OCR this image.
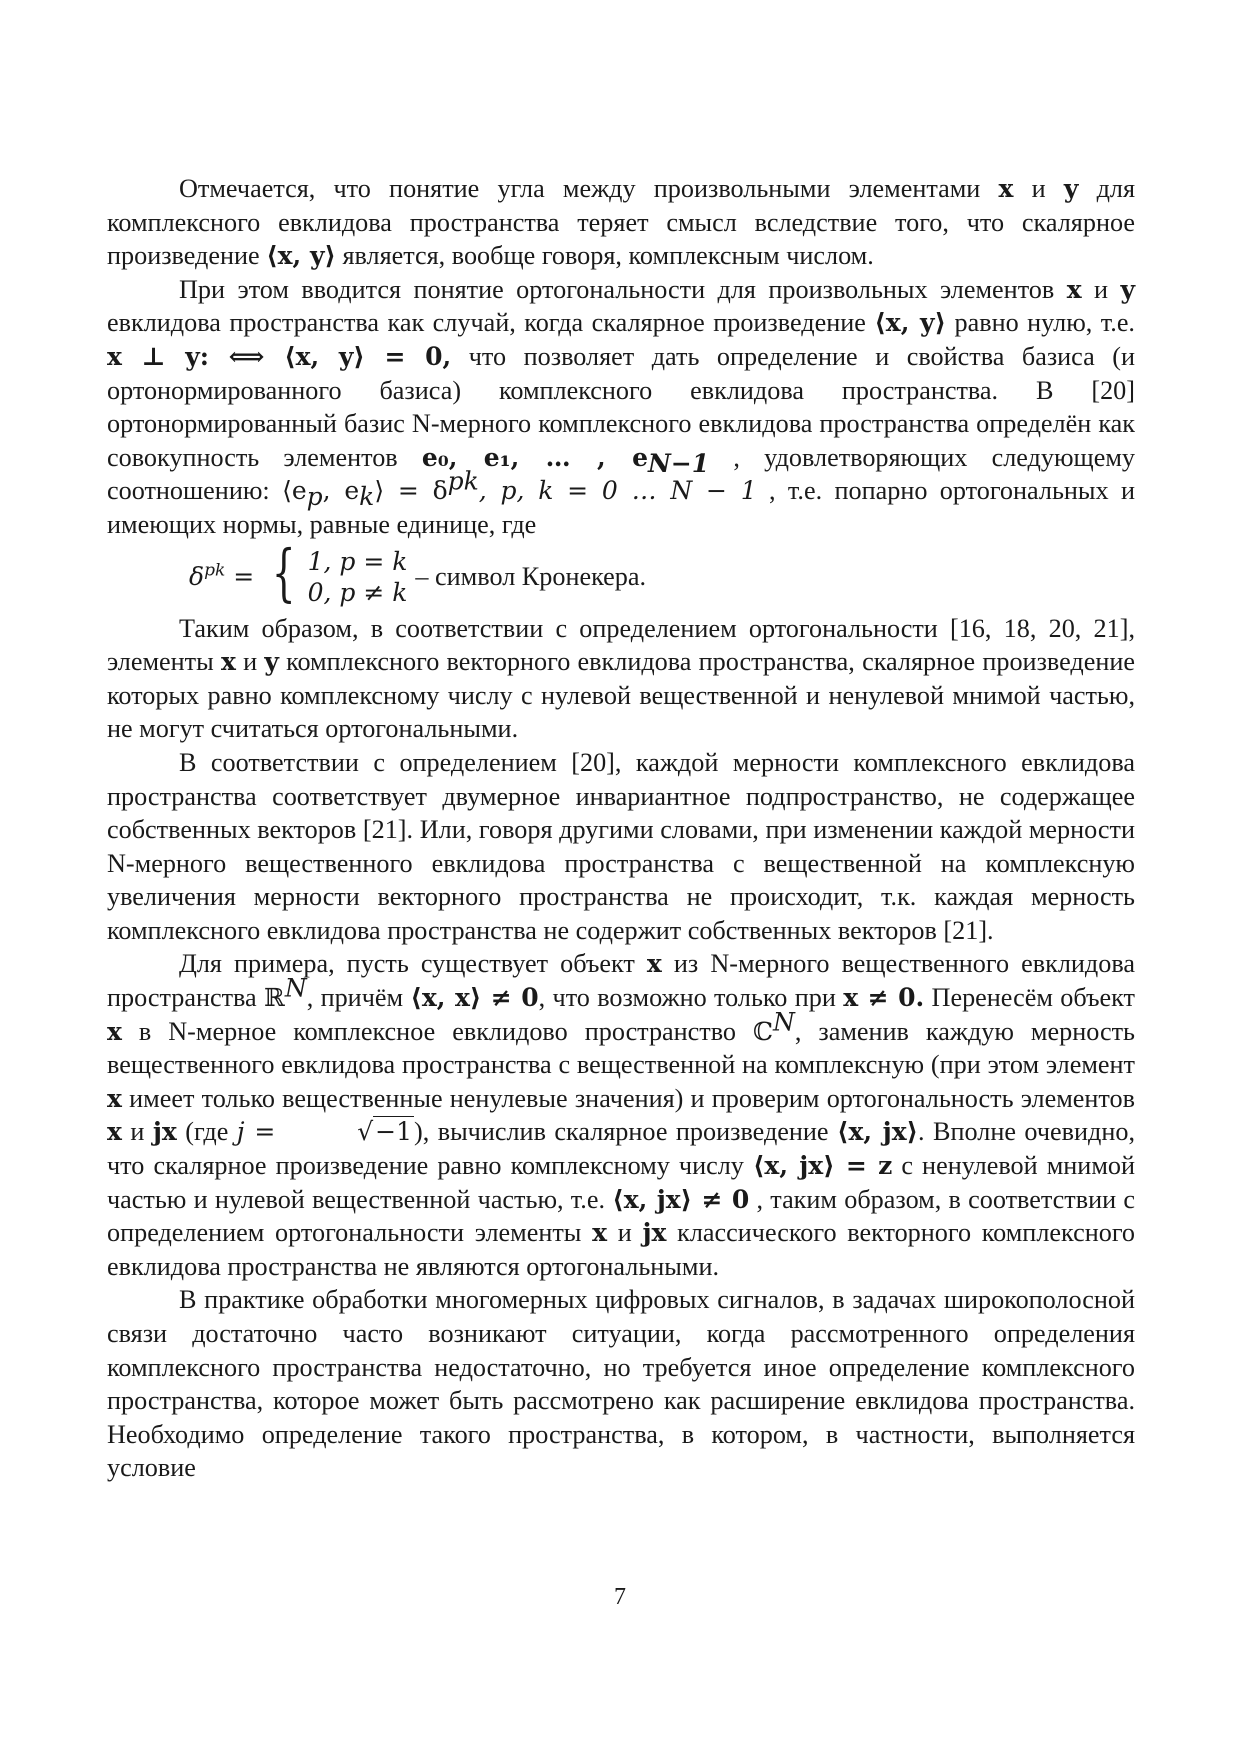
Отмечается, что понятие угла между произвольными элементами x и y для комплексного евклидова пространства теряет смысл вследствие того, что скалярное произведение ⟨x, y⟩ является, вообще говоря, комплексным числом.

При этом вводится понятие ортогональности для произвольных элементов x и y евклидова пространства как случай, когда скалярное произведение ⟨x, y⟩ равно нулю, т.е. x ⊥ y: ⟺ ⟨x, y⟩ = 0, что позволяет дать определение и свойства базиса (и ортонормированного базиса) комплексного евклидова пространства. В [20] ортонормированный базис N-мерного комплексного евклидова пространства определён как совокупность элементов e₀, e₁, … , $e_{N-1}$ , удовлетворяющих следующему соотношению: $⟨e_p$, $e_k⟩ = \delta^{pk}$, p, k = 0 … N − 1 , т.е. попарно ортогональных и имеющих нормы, равные единице, где

$\delta^{pk}$ = { 1, p = k
0, p ≠ k
– символ Кронекера.

Таким образом, в соответствии с определением ортогональности [16, 18, 20, 21], элементы x и y комплексного векторного евклидова пространства, скалярное произведение которых равно комплексному числу с нулевой вещественной и ненулевой мнимой частью, не могут считаться ортогональными.

В соответствии с определением [20], каждой мерности комплексного евклидова пространства соответствует двумерное инвариантное подпространство, не содержащее собственных векторов [21]. Или, говоря другими словами, при изменении каждой мерности N-мерного вещественного евклидова пространства с вещественной на комплексную увеличения мерности векторного пространства не происходит, т.к. каждая мерность комплексного евклидова пространства не содержит собственных векторов [21].

Для примера, пусть существует объект x из N-мерного вещественного евклидова пространства ℝ$^N$, причём ⟨x, x⟩ ≠ 0, что возможно только при x ≠ 0. Перенесём объект x в N-мерное комплексное евклидово пространство ℂ$^N$, заменив каждую мерность вещественного евклидова пространства с вещественной на комплексную (при этом элемент x имеет только вещественные ненулевые значения) и проверим ортогональность элементов x и jx (где j =	√−1), вычислив скалярное произведение ⟨x, jx⟩. Вполне очевидно, что скалярное произведение равно комплексному числу ⟨x, jx⟩ = z с ненулевой мнимой частью и нулевой вещественной частью, т.е. ⟨x, jx⟩ ≠ 0 , таким образом, в соответствии с определением ортогональности элементы x и jx классического векторного комплексного евклидова пространства не являются ортогональными.

В практике обработки многомерных цифровых сигналов, в задачах широкополосной связи достаточно часто возникают ситуации, когда рассмотренного определения комплексного пространства недостаточно, но требуется иное определение комплексного пространства, которое может быть рассмотрено как расширение евклидова пространства. Необходимо определение такого пространства, в котором, в частности, выполняется условие

7
